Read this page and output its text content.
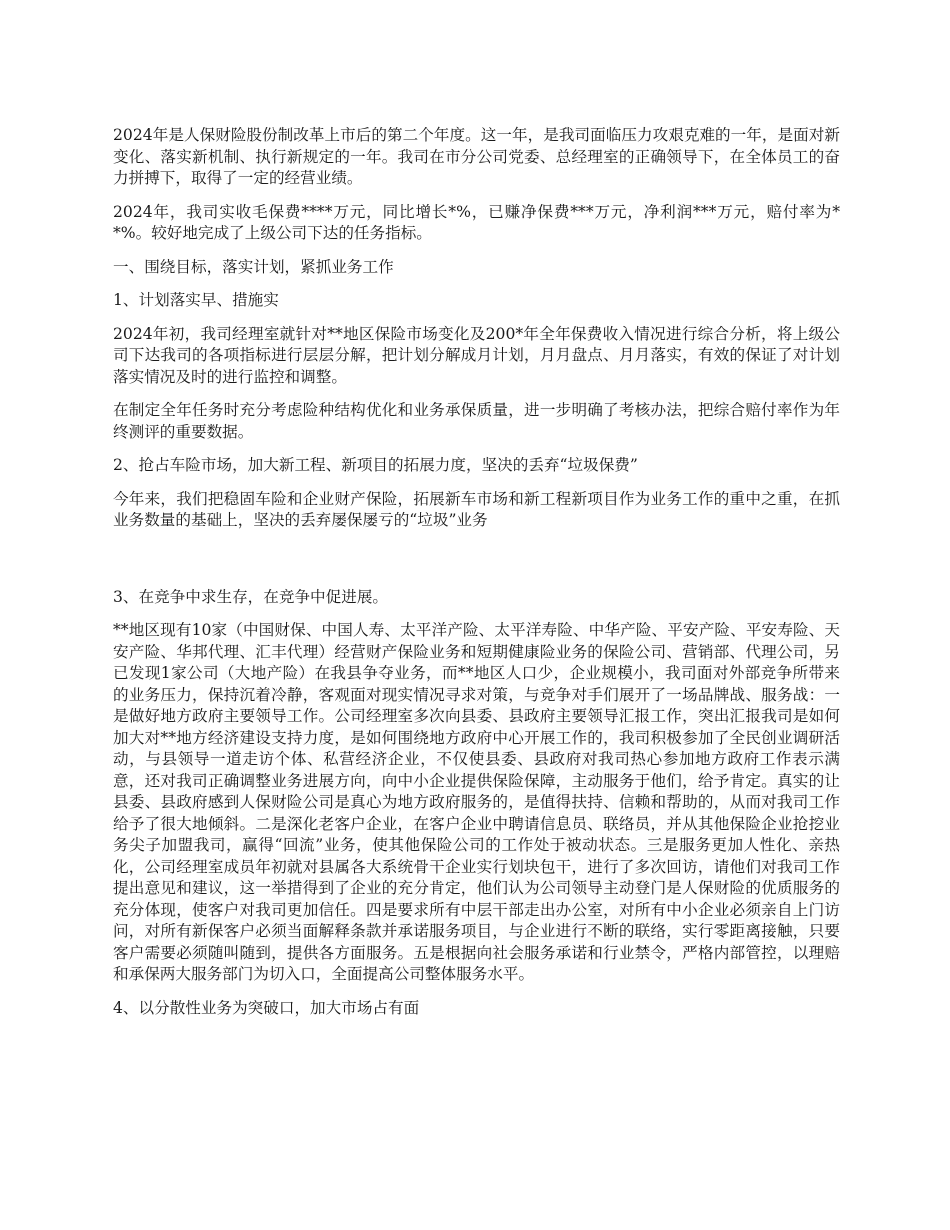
2024年是人保财险股份制改革上市后的第二个年度。这一年，是我司面临压力攻艰克难的一年，是面对新变化、落实新机制、执行新规定的一年。我司在市分公司党委、总经理室的正确领导下，在全体员工的奋力拼搏下，取得了一定的经营业绩。

2024年，我司实收毛保费****万元，同比增长*%，已赚净保费***万元，净利润***万元，赔付率为**%。较好地完成了上级公司下达的任务指标。

一、围绕目标，落实计划，紧抓业务工作

1、计划落实早、措施实

2024年初，我司经理室就针对**地区保险市场变化及200*年全年保费收入情况进行综合分析，将上级公司下达我司的各项指标进行层层分解，把计划分解成月计划，月月盘点、月月落实，有效的保证了对计划落实情况及时的进行监控和调整。

在制定全年任务时充分考虑险种结构优化和业务承保质量，进一步明确了考核办法，把综合赔付率作为年终测评的重要数据。

2、抢占车险市场，加大新工程、新项目的拓展力度，坚决的丢弃“垃圾保费”

今年来，我们把稳固车险和企业财产保险，拓展新车市场和新工程新项目作为业务工作的重中之重，在抓业务数量的基础上，坚决的丢弃屡保屡亏的“垃圾”业务

3、在竞争中求生存，在竞争中促进展。

**地区现有10家（中国财保、中国人寿、太平洋产险、太平洋寿险、中华产险、平安产险、平安寿险、天安产险、华邦代理、汇丰代理）经营财产保险业务和短期健康险业务的保险公司、营销部、代理公司，另已发现1家公司（大地产险）在我县争夺业务，而**地区人口少，企业规模小，我司面对外部竞争所带来的业务压力，保持沉着冷静，客观面对现实情况寻求对策，与竞争对手们展开了一场品牌战、服务战：一是做好地方政府主要领导工作。公司经理室多次向县委、县政府主要领导汇报工作，突出汇报我司是如何加大对**地方经济建设支持力度，是如何围绕地方政府中心开展工作的，我司积极参加了全民创业调研活动，与县领导一道走访个体、私营经济企业，不仅使县委、县政府对我司热心参加地方政府工作表示满意，还对我司正确调整业务进展方向，向中小企业提供保险保障，主动服务于他们，给予肯定。真实的让县委、县政府感到人保财险公司是真心为地方政府服务的，是值得扶持、信赖和帮助的，从而对我司工作给予了很大地倾斜。二是深化老客户企业，在客户企业中聘请信息员、联络员，并从其他保险企业抢挖业务尖子加盟我司，赢得“回流”业务，使其他保险公司的工作处于被动状态。三是服务更加人性化、亲热化，公司经理室成员年初就对县属各大系统骨干企业实行划块包干，进行了多次回访，请他们对我司工作提出意见和建议，这一举措得到了企业的充分肯定，他们认为公司领导主动登门是人保财险的优质服务的充分体现，使客户对我司更加信任。四是要求所有中层干部走出办公室，对所有中小企业必须亲自上门访问，对所有新保客户必须当面解释条款并承诺服务项目，与企业进行不断的联络，实行零距离接触，只要客户需要必须随叫随到，提供各方面服务。五是根据向社会服务承诺和行业禁令，严格内部管控，以理赔和承保两大服务部门为切入口，全面提高公司整体服务水平。

4、以分散性业务为突破口，加大市场占有面
